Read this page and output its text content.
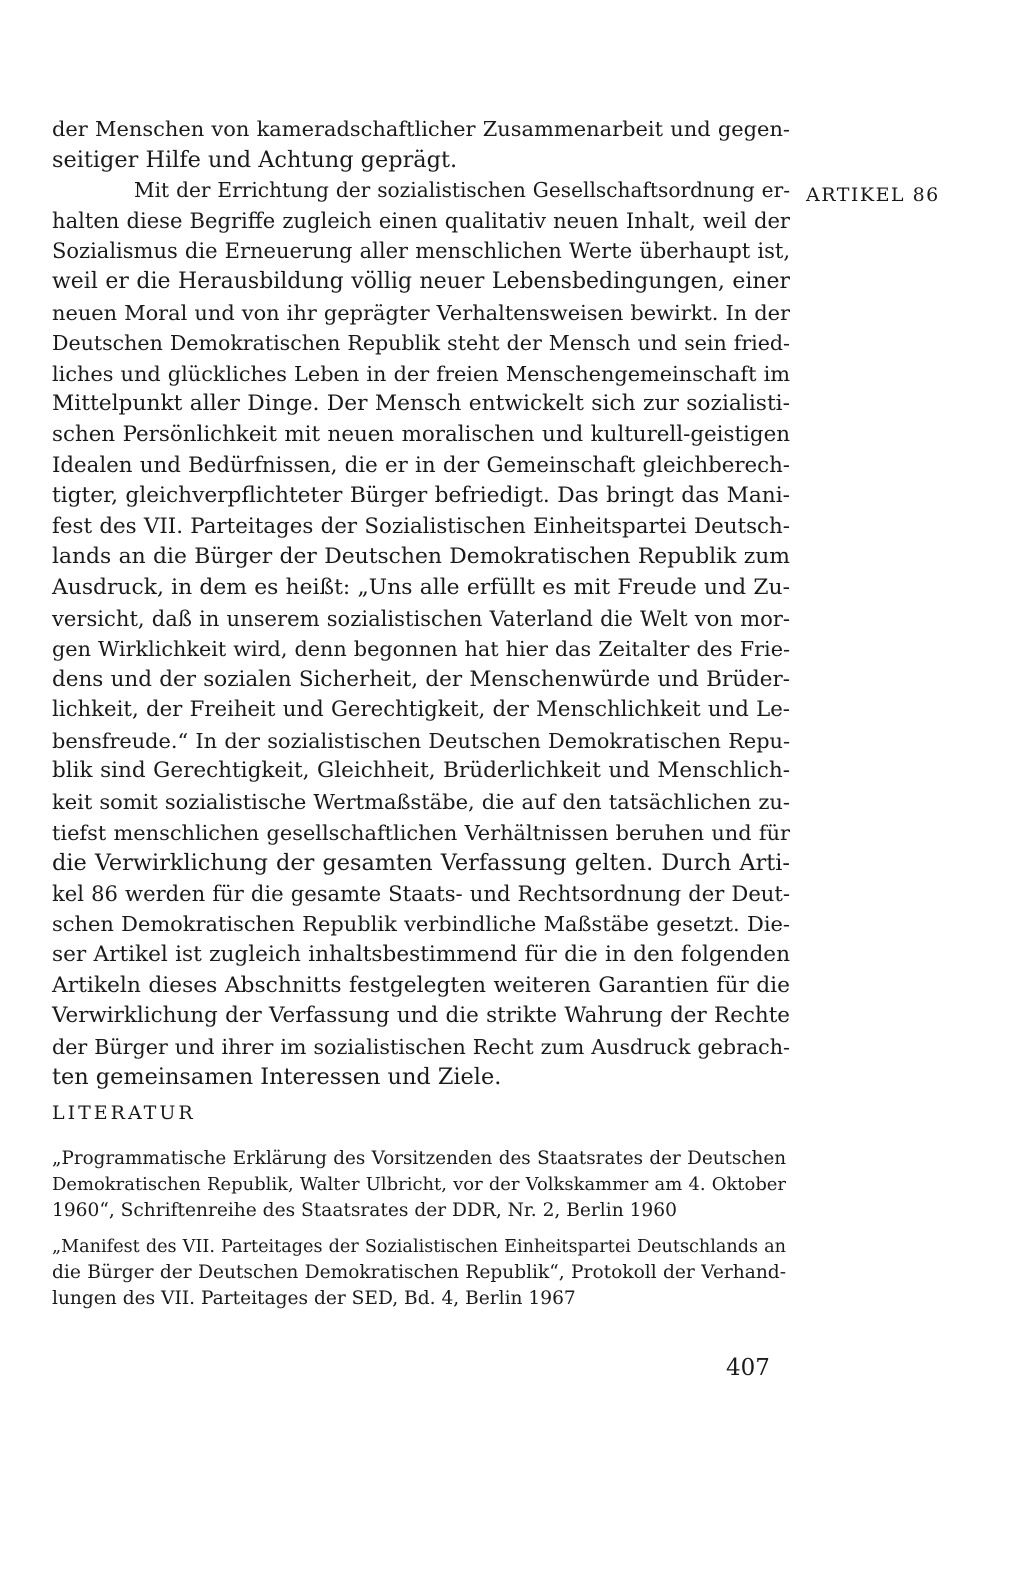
der Menschen von kameradschaftlicher Zusammenarbeit und gegen-
seitiger Hilfe und Achtung geprägt.
Mit der Errichtung der sozialistischen Gesellschaftsordnung er-
halten diese Begriffe zugleich einen qualitativ neuen Inhalt, weil der
Sozialismus die Erneuerung aller menschlichen Werte überhaupt ist,
weil er die Herausbildung völlig neuer Lebensbedingungen, einer
neuen Moral und von ihr geprägter Verhaltensweisen bewirkt. In der
Deutschen Demokratischen Republik steht der Mensch und sein fried-
liches und glückliches Leben in der freien Menschengemeinschaft im
Mittelpunkt aller Dinge. Der Mensch entwickelt sich zur sozialisti-
schen Persönlichkeit mit neuen moralischen und kulturell-geistigen
Idealen und Bedürfnissen, die er in der Gemeinschaft gleichberech-
tigter, gleichverpflichteter Bürger befriedigt. Das bringt das Mani-
fest des VII. Parteitages der Sozialistischen Einheitspartei Deutsch-
lands an die Bürger der Deutschen Demokratischen Republik zum
Ausdruck, in dem es heißt: „Uns alle erfüllt es mit Freude und Zu-
versicht, daß in unserem sozialistischen Vaterland die Welt von mor-
gen Wirklichkeit wird, denn begonnen hat hier das Zeitalter des Frie-
dens und der sozialen Sicherheit, der Menschenwürde und Brüder-
lichkeit, der Freiheit und Gerechtigkeit, der Menschlichkeit und Le-
bensfreude.“ In der sozialistischen Deutschen Demokratischen Repu-
blik sind Gerechtigkeit, Gleichheit, Brüderlichkeit und Menschlich-
keit somit sozialistische Wertmaßstäbe, die auf den tatsächlichen zu-
tiefst menschlichen gesellschaftlichen Verhältnissen beruhen und für
die Verwirklichung der gesamten Verfassung gelten. Durch Arti-
kel 86 werden für die gesamte Staats- und Rechtsordnung der Deut-
schen Demokratischen Republik verbindliche Maßstäbe gesetzt. Die-
ser Artikel ist zugleich inhaltsbestimmend für die in den folgenden
Artikeln dieses Abschnitts festgelegten weiteren Garantien für die
Verwirklichung der Verfassung und die strikte Wahrung der Rechte
der Bürger und ihrer im sozialistischen Recht zum Ausdruck gebrach-
ten gemeinsamen Interessen und Ziele.
ARTIKEL 86
LITERATUR
„Programmatische Erklärung des Vorsitzenden des Staatsrates der Deutschen
Demokratischen Republik, Walter Ulbricht, vor der Volkskammer am 4. Oktober
1960“, Schriftenreihe des Staatsrates der DDR, Nr. 2, Berlin 1960
„Manifest des VII. Parteitages der Sozialistischen Einheitspartei Deutschlands an
die Bürger der Deutschen Demokratischen Republik“, Protokoll der Verhand-
lungen des VII. Parteitages der SED, Bd. 4, Berlin 1967
407
